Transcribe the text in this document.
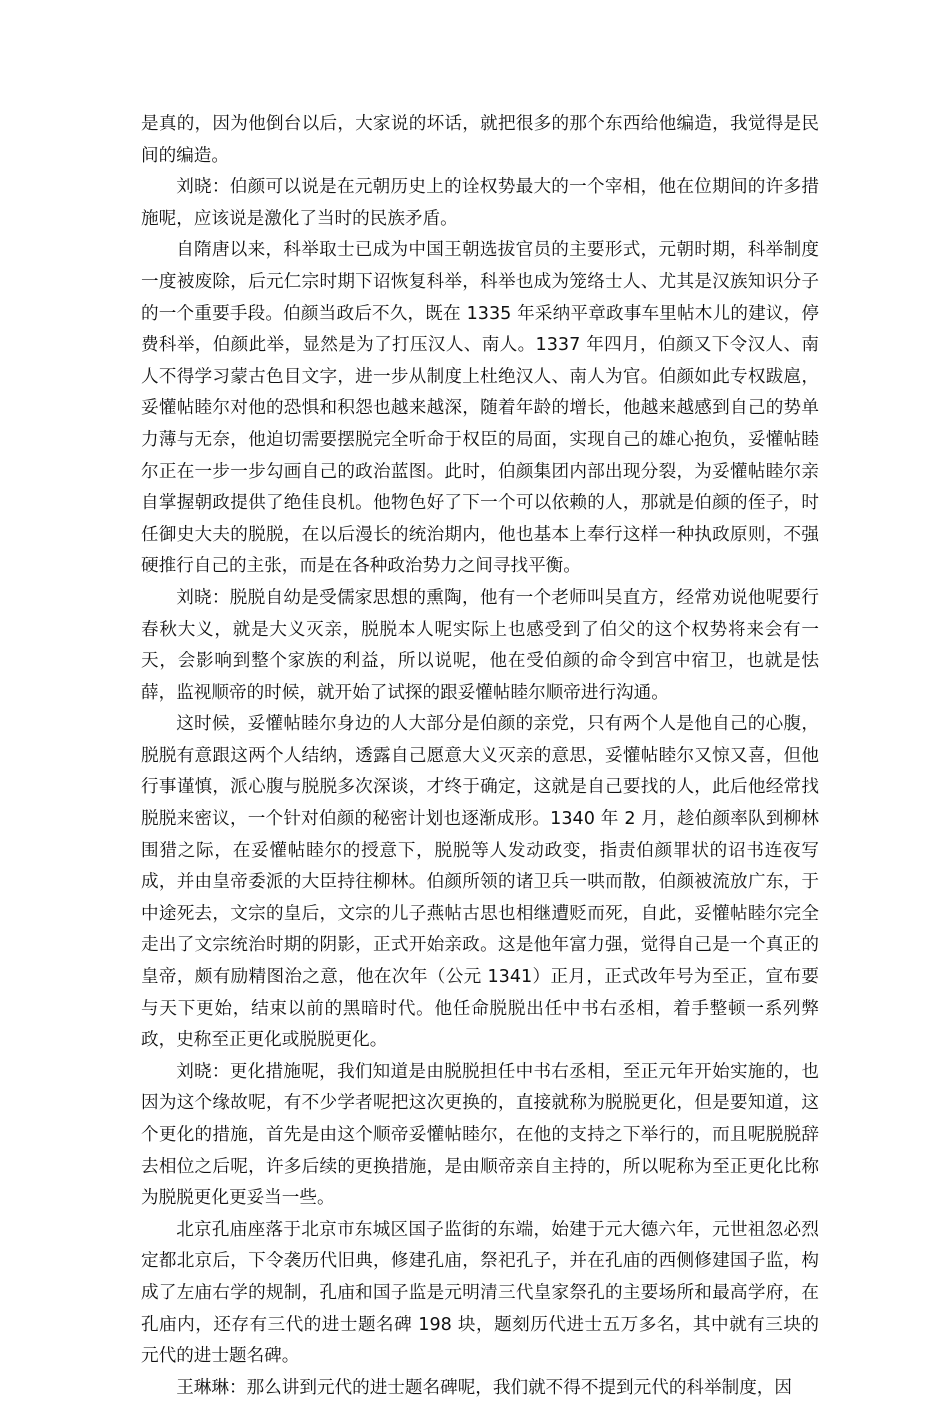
是真的，因为他倒台以后，大家说的坏话，就把很多的那个东西给他编造，我觉得是民间的编造。

刘晓：伯颜可以说是在元朝历史上的诠权势最大的一个宰相，他在位期间的许多措施呢，应该说是激化了当时的民族矛盾。

自隋唐以来，科举取士已成为中国王朝选拔官员的主要形式，元朝时期，科举制度一度被废除，后元仁宗时期下诏恢复科举，科举也成为笼络士人、尤其是汉族知识分子的一个重要手段。伯颜当政后不久，既在 1335 年采纳平章政事车里帖木儿的建议，停费科举，伯颜此举，显然是为了打压汉人、南人。1337 年四月，伯颜又下令汉人、南人不得学习蒙古色目文字，进一步从制度上杜绝汉人、南人为官。伯颜如此专权跋扈，妥懽帖睦尔对他的恐惧和积怨也越来越深，随着年龄的增长，他越来越感到自己的势单力薄与无奈，他迫切需要摆脱完全听命于权臣的局面，实现自己的雄心抱负，妥懽帖睦尔正在一步一步勾画自己的政治蓝图。此时，伯颜集团内部出现分裂，为妥懽帖睦尔亲自掌握朝政提供了绝佳良机。他物色好了下一个可以依赖的人，那就是伯颜的侄子，时任御史大夫的脱脱，在以后漫长的统治期内，他也基本上奉行这样一种执政原则，不强硬推行自己的主张，而是在各种政治势力之间寻找平衡。

刘晓：脱脱自幼是受儒家思想的熏陶，他有一个老师叫吴直方，经常劝说他呢要行春秋大义，就是大义灭亲，脱脱本人呢实际上也感受到了伯父的这个权势将来会有一天，会影响到整个家族的利益，所以说呢，他在受伯颜的命令到宫中宿卫，也就是怯薛，监视顺帝的时候，就开始了试探的跟妥懽帖睦尔顺帝进行沟通。

这时候，妥懽帖睦尔身边的人大部分是伯颜的亲党，只有两个人是他自己的心腹，脱脱有意跟这两个人结纳，透露自己愿意大义灭亲的意思，妥懽帖睦尔又惊又喜，但他行事谨慎，派心腹与脱脱多次深谈，才终于确定，这就是自己要找的人，此后他经常找脱脱来密议，一个针对伯颜的秘密计划也逐渐成形。1340 年 2 月，趁伯颜率队到柳林围猎之际，在妥懽帖睦尔的授意下，脱脱等人发动政变，指责伯颜罪状的诏书连夜写成，并由皇帝委派的大臣持往柳林。伯颜所领的诸卫兵一哄而散，伯颜被流放广东，于中途死去，文宗的皇后，文宗的儿子燕帖古思也相继遭贬而死，自此，妥懽帖睦尔完全走出了文宗统治时期的阴影，正式开始亲政。这是他年富力强，觉得自己是一个真正的皇帝，颇有励精图治之意，他在次年（公元 1341）正月，正式改年号为至正，宣布要与天下更始，结束以前的黑暗时代。他任命脱脱出任中书右丞相，着手整顿一系列弊政，史称至正更化或脱脱更化。

刘晓：更化措施呢，我们知道是由脱脱担任中书右丞相，至正元年开始实施的，也因为这个缘故呢，有不少学者呢把这次更换的，直接就称为脱脱更化，但是要知道，这个更化的措施，首先是由这个顺帝妥懽帖睦尔，在他的支持之下举行的，而且呢脱脱辞去相位之后呢，许多后续的更换措施，是由顺帝亲自主持的，所以呢称为至正更化比称为脱脱更化更妥当一些。

北京孔庙座落于北京市东城区国子监街的东端，始建于元大德六年，元世祖忽必烈定都北京后，下令袭历代旧典，修建孔庙，祭祀孔子，并在孔庙的西侧修建国子监，构成了左庙右学的规制，孔庙和国子监是元明清三代皇家祭孔的主要场所和最高学府，在孔庙内，还存有三代的进士题名碑 198 块，题刻历代进士五万多名，其中就有三块的元代的进士题名碑。

王琳琳：那么讲到元代的进士题名碑呢，我们就不得不提到元代的科举制度，因
